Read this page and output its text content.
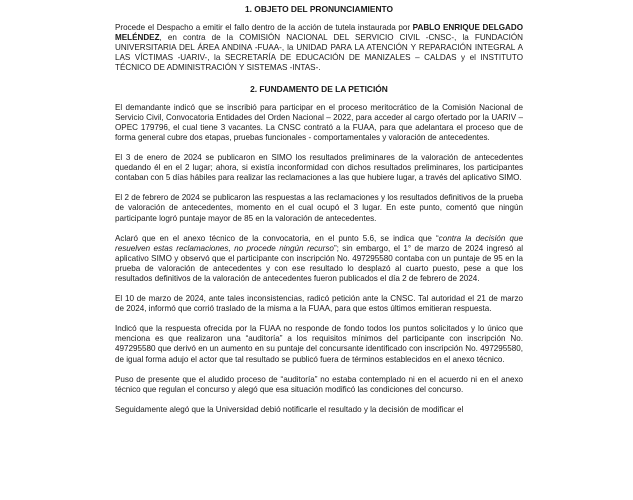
1. OBJETO DEL PRONUNCIAMIENTO

Procede el Despacho a emitir el fallo dentro de la acción de tutela instaurada por PABLO ENRIQUE DELGADO MELÉNDEZ, en contra de la COMISIÓN NACIONAL DEL SERVICIO CIVIL -CNSC-, la FUNDACIÓN UNIVERSITARIA DEL ÁREA ANDINA -FUAA-, la UNIDAD PARA LA ATENCIÓN Y REPARACIÓN INTEGRAL A LAS VÍCTIMAS -UARIV-, la SECRETARÍA DE EDUCACIÓN DE MANIZALES – CALDAS y el INSTITUTO TÉCNICO DE ADMINISTRACIÓN Y SISTEMAS -INTAS-.

2. FUNDAMENTO DE LA PETICIÓN

El demandante indicó que se inscribió para participar en el proceso meritocrático de la Comisión Nacional de Servicio Civil, Convocatoria Entidades del Orden Nacional – 2022, para acceder al cargo ofertado por la UARIV – OPEC 179796, el cual tiene 3 vacantes. La CNSC contrató a la FUAA, para que adelantara el proceso que de forma general cubre dos etapas, pruebas funcionales - comportamentales y valoración de antecedentes.

El 3 de enero de 2024 se publicaron en SIMO los resultados preliminares de la valoración de antecedentes quedando él en el 2 lugar; ahora, si existía inconformidad con dichos resultados preliminares, los participantes contaban con 5 días hábiles para realizar las reclamaciones a las que hubiere lugar, a través del aplicativo SIMO.

El 2 de febrero de 2024 se publicaron las respuestas a las reclamaciones y los resultados definitivos de la prueba de valoración de antecedentes, momento en el cual ocupó el 3 lugar. En este punto, comentó que ningún participante logró puntaje mayor de 85 en la valoración de antecedentes.

Aclaró que en el anexo técnico de la convocatoria, en el punto 5.6, se indica que “contra la decisión que resuelven estas reclamaciones, no procede ningún recurso”; sin embargo, el 1° de marzo de 2024 ingresó al aplicativo SIMO y observó que el participante con inscripción No. 497295580 contaba con un puntaje de 95 en la prueba de valoración de antecedentes y con ese resultado lo desplazó al cuarto puesto, pese a que los resultados definitivos de la valoración de antecedentes fueron publicados el día 2 de febrero de 2024.

El 10 de marzo de 2024, ante tales inconsistencias, radicó petición ante la CNSC. Tal autoridad el 21 de marzo de 2024, informó que corrió traslado de la misma a la FUAA, para que estos últimos emitieran respuesta.

Indicó que la respuesta ofrecida por la FUAA no responde de fondo todos los puntos solicitados y lo único que menciona es que realizaron una “auditoría” a los requisitos mínimos del participante con inscripción No. 497295580 que derivó en un aumento en su puntaje del concursante identificado con inscripción No. 497295580, de igual forma adujo el actor que tal resultado se publicó fuera de términos establecidos en el anexo técnico.

Puso de presente que el aludido proceso de “auditoría” no estaba contemplado ni en el acuerdo ni en el anexo técnico que regulan el concurso y alegó que esa situación modificó las condiciones del concurso.

Seguidamente alegó que la Universidad debió notificarle el resultado y la decisión de modificar el
